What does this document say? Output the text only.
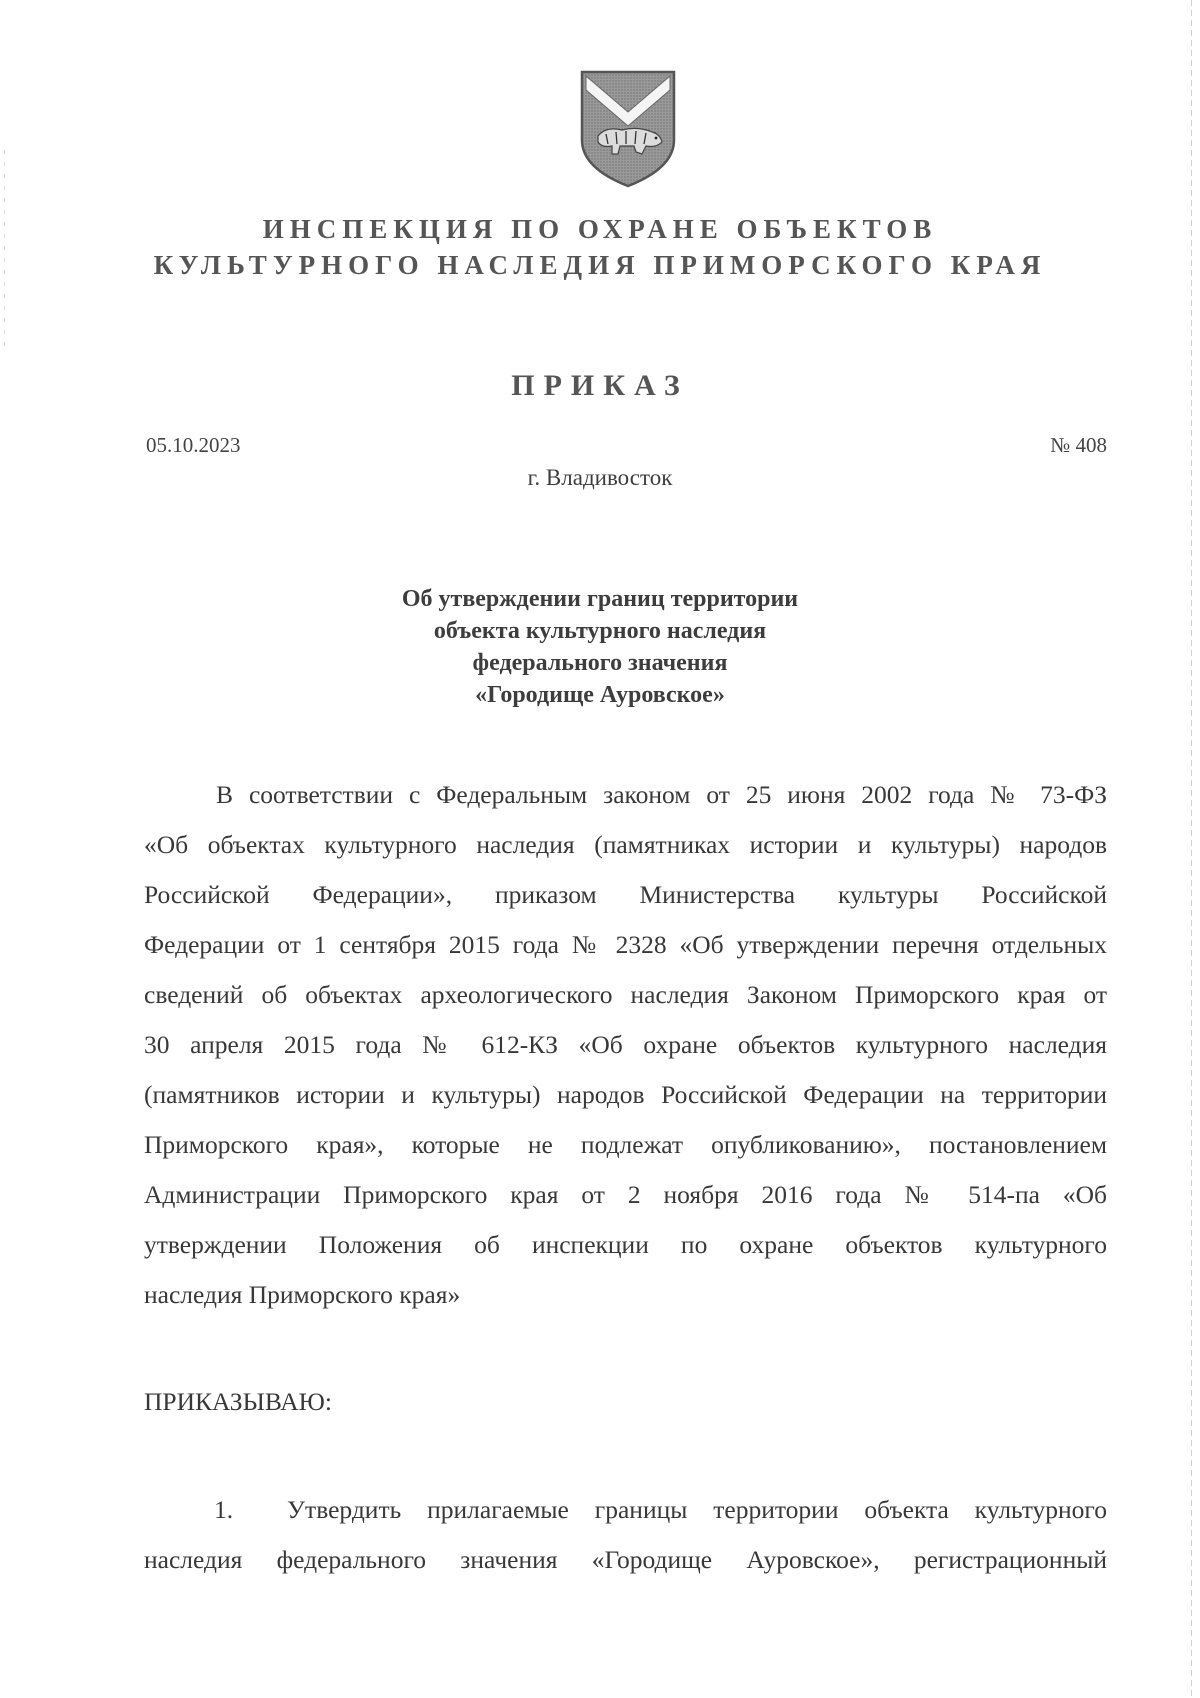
ИНСПЕКЦИЯ ПО ОХРАНЕ ОБЪЕКТОВ
КУЛЬТУРНОГО НАСЛЕДИЯ ПРИМОРСКОГО КРАЯ
ПРИКАЗ
05.10.2023	№ 408
г. Владивосток
Об утверждении границ территории
объекта культурного наследия
федерального значения
«Городище Ауровское»
В соответствии с Федеральным законом от 25 июня 2002 года № 73-ФЗ
«Об объектах культурного наследия (памятниках истории и культуры) народов
Российской Федерации», приказом Министерства культуры Российской
Федерации от 1 сентября 2015 года № 2328 «Об утверждении перечня отдельных
сведений об объектах археологического наследия Законом Приморского края от
30 апреля 2015 года № 612-КЗ «Об охране объектов культурного наследия
(памятников истории и культуры) народов Российской Федерации на территории
Приморского края», которые не подлежат опубликованию», постановлением
Администрации Приморского края от 2 ноября 2016 года № 514-па «Об
утверждении Положения об инспекции по охране объектов культурного
наследия Приморского края»
ПРИКАЗЫВАЮ:
1. Утвердить прилагаемые границы территории объекта культурного
наследия федерального значения «Городище Ауровское», регистрационный
